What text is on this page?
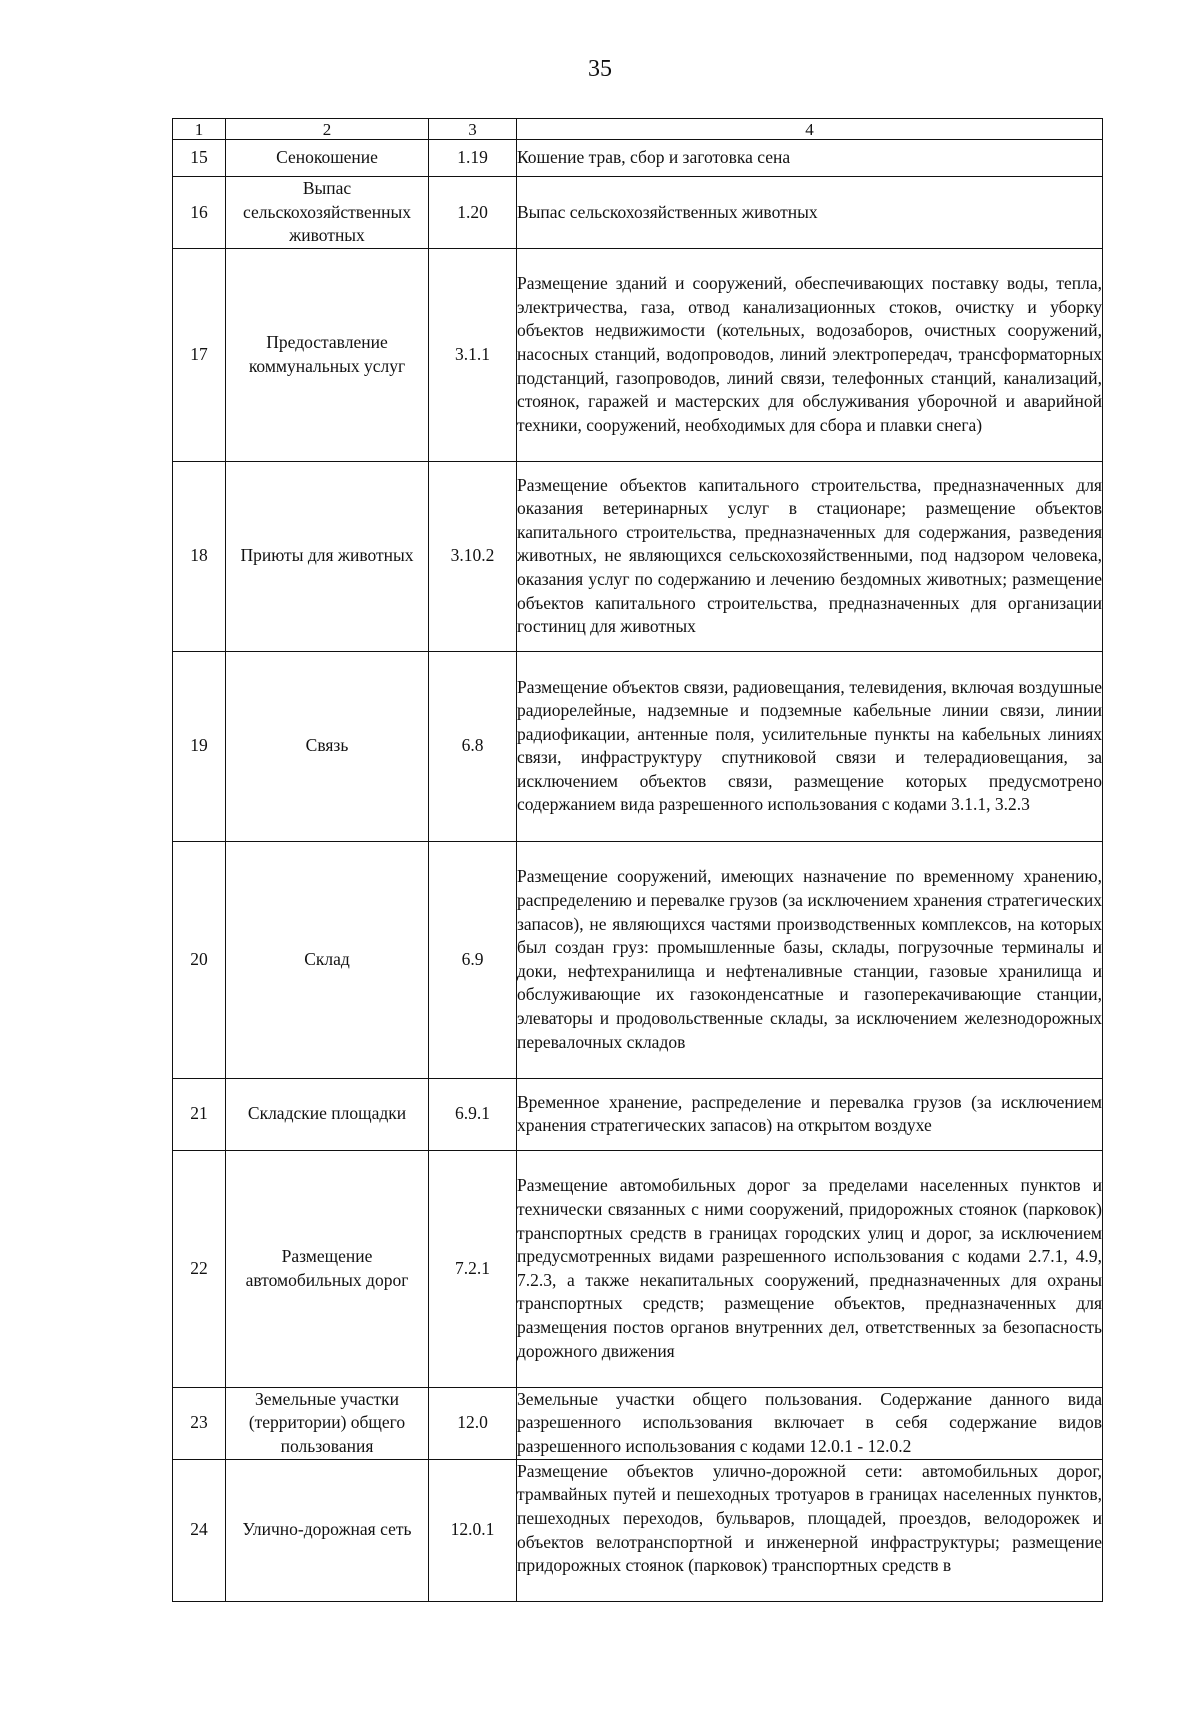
35
1	2	3	4
15	Сенокошение	1.19	Кошение трав, сбор и заготовка сена
16	Выпас сельскохозяйственных животных	1.20	Выпас сельскохозяйственных животных
17	Предоставление коммунальных услуг	3.1.1	Размещение зданий и сооружений, обеспечивающих поставку воды, тепла, электричества, газа, отвод канализационных стоков, очистку и уборку объектов недвижимости (котельных, водозаборов, очистных сооружений, насосных станций, водопроводов, линий электропередач, трансформаторных подстанций, газопроводов, линий связи, телефонных станций, канализаций, стоянок, гаражей и мастерских для обслуживания уборочной и аварийной техники, сооружений, необходимых для сбора и плавки снега)
18	Приюты для животных	3.10.2	Размещение объектов капитального строительства, предназначенных для оказания ветеринарных услуг в стационаре; размещение объектов капитального строительства, предназначенных для содержания, разведения животных, не являющихся сельскохозяйственными, под надзором человека, оказания услуг по содержанию и лечению бездомных животных; размещение объектов капитального строительства, предназначенных для организации гостиниц для животных
19	Связь	6.8	Размещение объектов связи, радиовещания, телевидения, включая воздушные радиорелейные, надземные и подземные кабельные линии связи, линии радиофикации, антенные поля, усилительные пункты на кабельных линиях связи, инфраструктуру спутниковой связи и телерадиовещания, за исключением объектов связи, размещение которых предусмотрено содержанием вида разрешенного использования с кодами 3.1.1, 3.2.3
20	Склад	6.9	Размещение сооружений, имеющих назначение по временному хранению, распределению и перевалке грузов (за исключением хранения стратегических запасов), не являющихся частями производственных комплексов, на которых был создан груз: промышленные базы, склады, погрузочные терминалы и доки, нефтехранилища и нефтеналивные станции, газовые хранилища и обслуживающие их газоконденсатные и газоперекачивающие станции, элеваторы и продовольственные склады, за исключением железнодорожных перевалочных складов
21	Складские площадки	6.9.1	Временное хранение, распределение и перевалка грузов (за исключением хранения стратегических запасов) на открытом воздухе
22	Размещение автомобильных дорог	7.2.1	Размещение автомобильных дорог за пределами населенных пунктов и технически связанных с ними сооружений, придорожных стоянок (парковок) транспортных средств в границах городских улиц и дорог, за исключением предусмотренных видами разрешенного использования с кодами 2.7.1, 4.9, 7.2.3, а также некапитальных сооружений, предназначенных для охраны транспортных средств; размещение объектов, предназначенных для размещения постов органов внутренних дел, ответственных за безопасность дорожного движения
23	Земельные участки (территории) общего пользования	12.0	Земельные участки общего пользования. Содержание данного вида разрешенного использования включает в себя содержание видов разрешенного использования с кодами 12.0.1 - 12.0.2
24	Улично-дорожная сеть	12.0.1	Размещение объектов улично-дорожной сети: автомобильных дорог, трамвайных путей и пешеходных тротуаров в границах населенных пунктов, пешеходных переходов, бульваров, площадей, проездов, велодорожек и объектов велотранспортной и инженерной инфраструктуры; размещение придорожных стоянок (парковок) транспортных средств в
